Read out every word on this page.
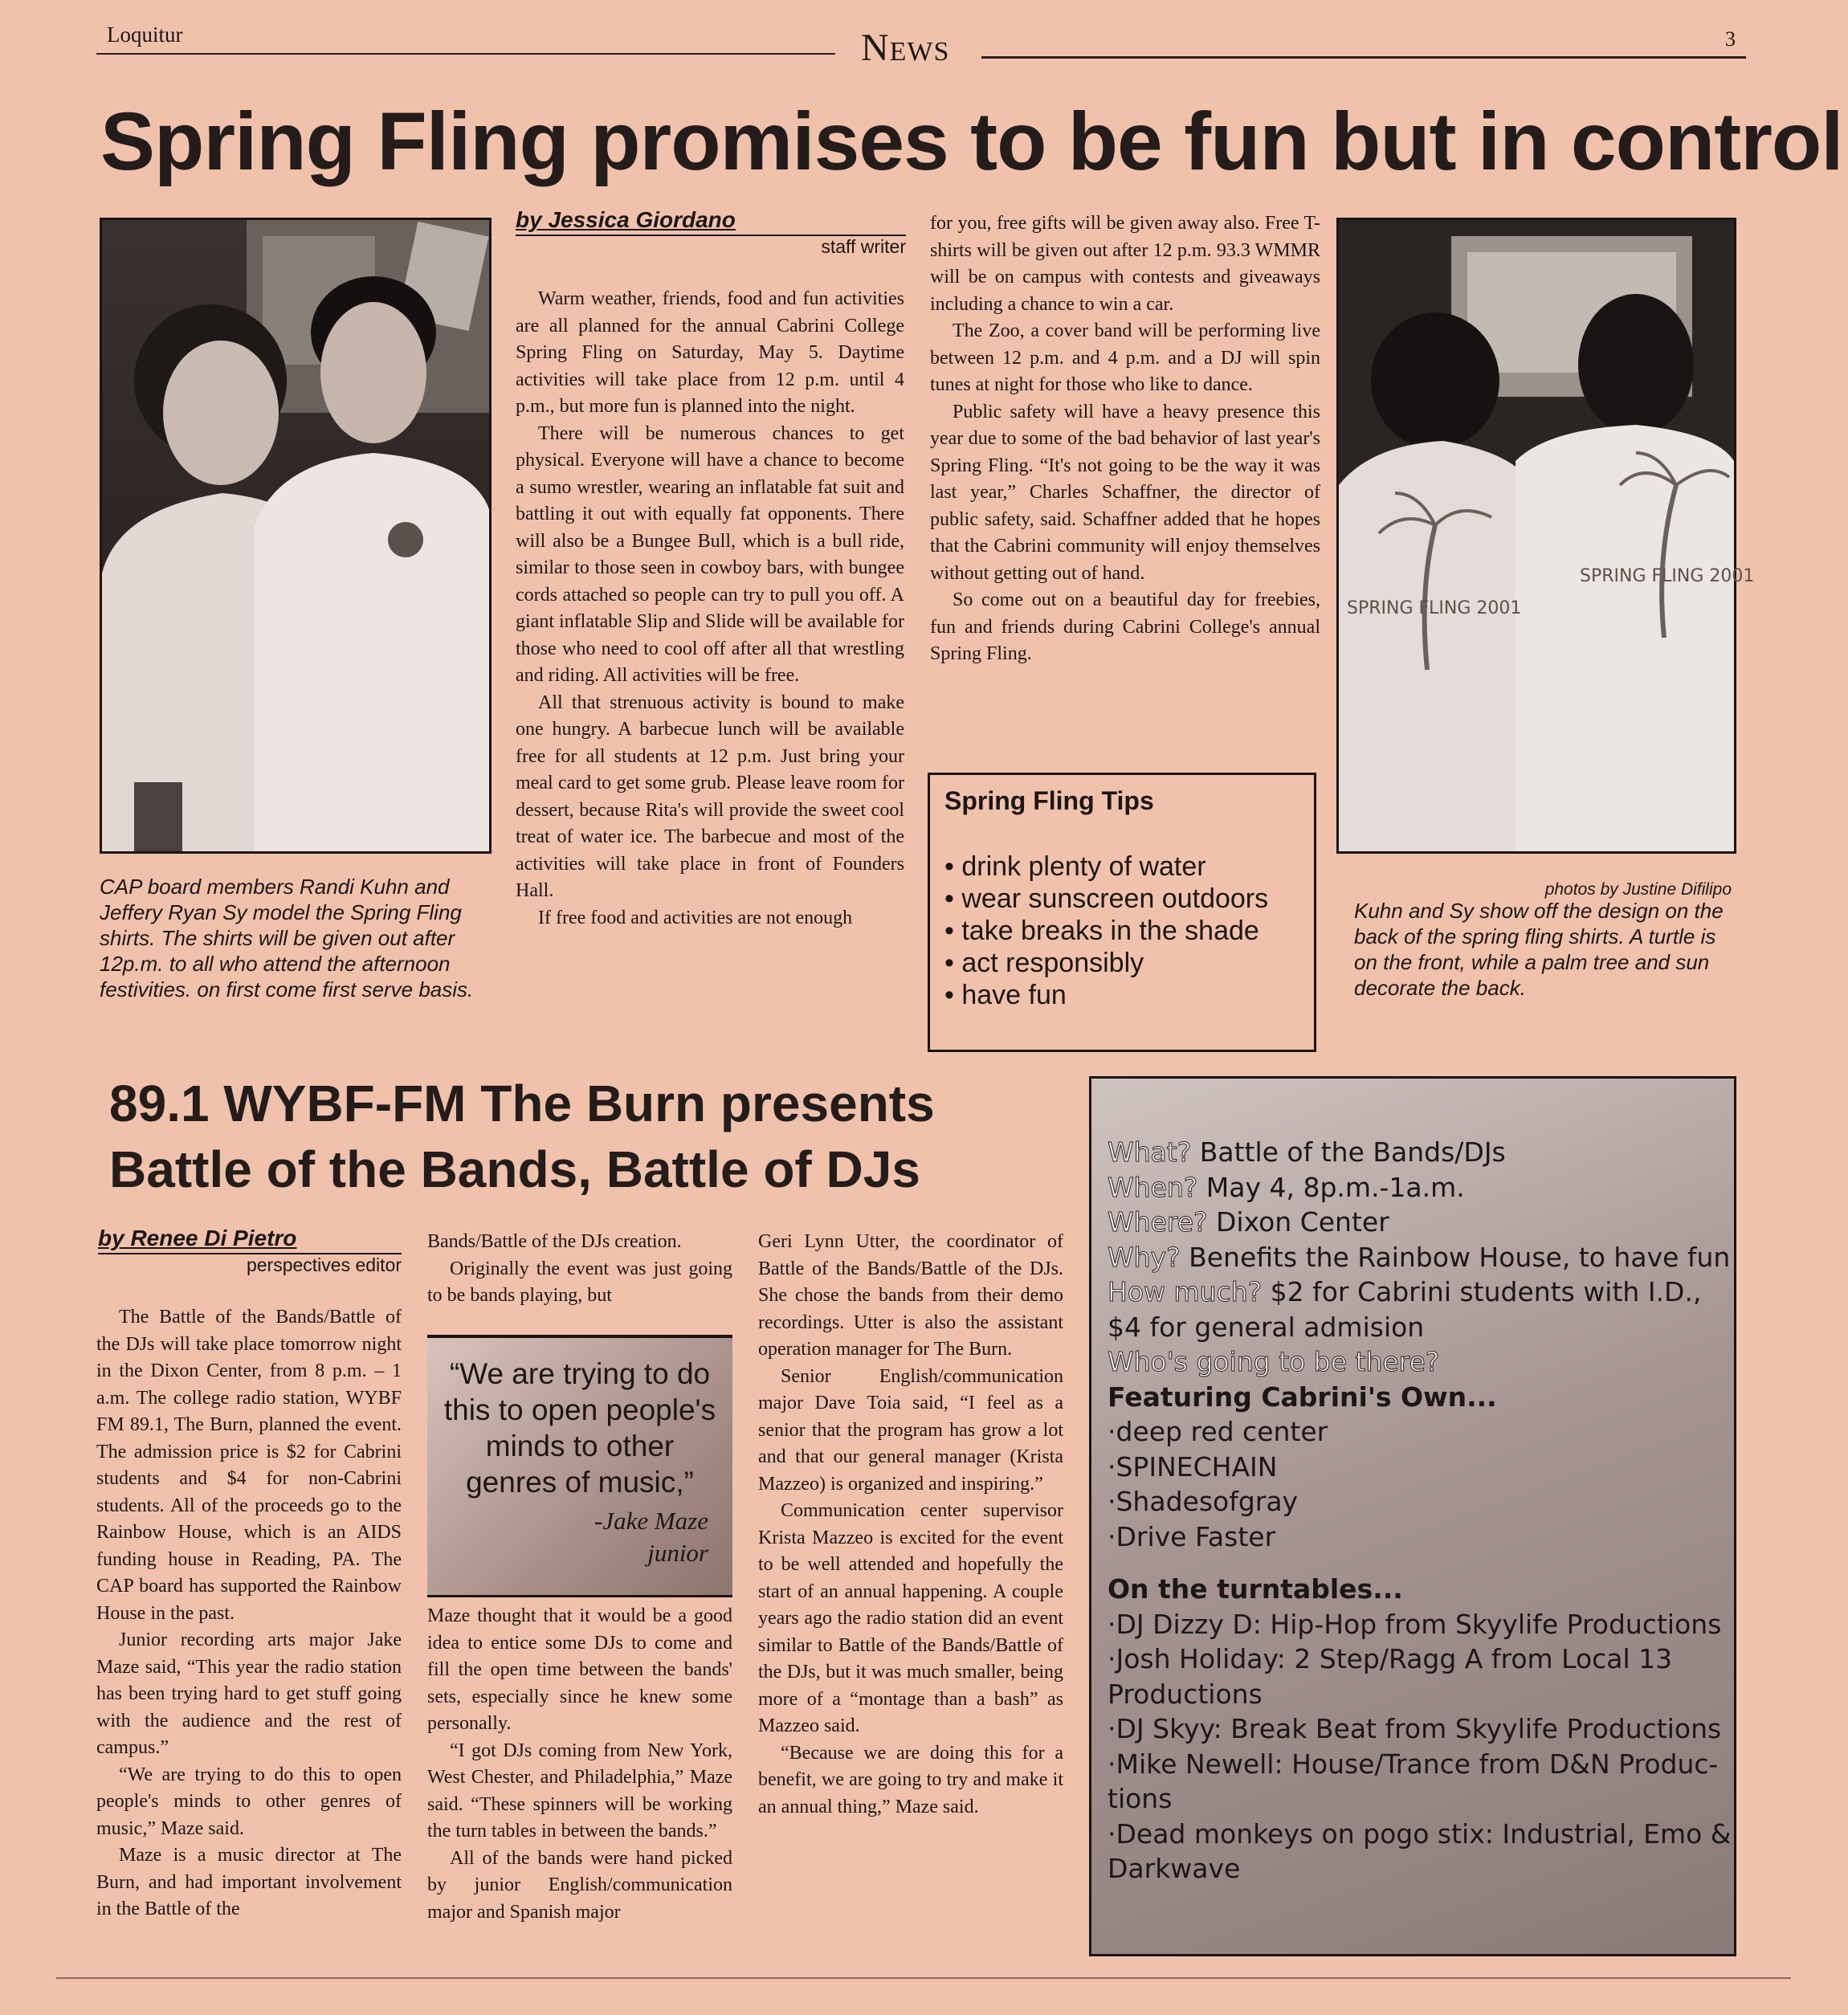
Loquitur	News	3
Spring Fling promises to be fun but in control
CAP board members Randi Kuhn and Jeffery Ryan Sy model the Spring Fling shirts. The shirts will be given out after 12p.m. to all who attend the afternoon festivities. on first come first serve basis.
by Jessica Giordano
staff writer

Warm weather, friends, food and fun activities are all planned for the annual Cabrini College Spring Fling on Saturday, May 5. Daytime activities will take place from 12 p.m. until 4 p.m., but more fun is planned into the night.

There will be numerous chances to get physical. Everyone will have a chance to become a sumo wrestler, wearing an inflatable fat suit and battling it out with equally fat opponents. There will also be a Bungee Bull, which is a bull ride, similar to those seen in cowboy bars, with bungee cords attached so people can try to pull you off. A giant inflatable Slip and Slide will be available for those who need to cool off after all that wrestling and riding. All activities will be free.

All that strenuous activity is bound to make one hungry. A barbecue lunch will be available free for all students at 12 p.m. Just bring your meal card to get some grub. Please leave room for dessert, because Rita's will provide the sweet cool treat of water ice. The barbecue and most of the activities will take place in front of Founders Hall.

If free food and activities are not enough

for you, free gifts will be given away also. Free T-shirts will be given out after 12 p.m. 93.3 WMMR will be on campus with contests and giveaways including a chance to win a car.

The Zoo, a cover band will be performing live between 12 p.m. and 4 p.m. and a DJ will spin tunes at night for those who like to dance.

Public safety will have a heavy presence this year due to some of the bad behavior of last year's Spring Fling. “It's not going to be the way it was last year,” Charles Schaffner, the director of public safety, said. Schaffner added that he hopes that the Cabrini community will enjoy themselves without getting out of hand.

So come out on a beautiful day for freebies, fun and friends during Cabrini College's annual Spring Fling.

Spring Fling Tips
• drink plenty of water
• wear sunscreen outdoors
• take breaks in the shade
• act responsibly
• have fun
SPRING FLING 2001
SPRING FLING 2001
photos by Justine Difilipo
Kuhn and Sy show off the design on the back of the spring fling shirts. A turtle is on the front, while a palm tree and sun decorate the back.
89.1 WYBF-FM The Burn presents
Battle of the Bands, Battle of DJs
by Renee Di Pietro
perspectives editor

The Battle of the Bands/Battle of the DJs will take place tomorrow night in the Dixon Center, from 8 p.m. – 1 a.m. The college radio station, WYBF FM 89.1, The Burn, planned the event. The admission price is $2 for Cabrini students and $4 for non-Cabrini students. All of the proceeds go to the Rainbow House, which is an AIDS funding house in Reading, PA. The CAP board has supported the Rainbow House in the past.

Junior recording arts major Jake Maze said, “This year the radio station has been trying hard to get stuff going with the audience and the rest of campus.”

“We are trying to do this to open people's minds to other genres of music,” Maze said.

Maze is a music director at The Burn, and had important involvement in the Battle of the

Bands/Battle of the DJs creation.

Originally the event was just going to be bands playing, but

“We are trying to do this to open people's minds to other genres of music,”
-Jake Maze
junior

Maze thought that it would be a good idea to entice some DJs to come and fill the open time between the bands' sets, especially since he knew some personally.

“I got DJs coming from New York, West Chester, and Philadelphia,” Maze said. “These spinners will be working the turn tables in between the bands.”

All of the bands were hand picked by junior English/communication major and Spanish major

Geri Lynn Utter, the coordinator of Battle of the Bands/Battle of the DJs. She chose the bands from their demo recordings. Utter is also the assistant operation manager for The Burn.

Senior English/communication major Dave Toia said, “I feel as a senior that the program has grow a lot and that our general manager (Krista Mazzeo) is organized and inspiring.”

Communication center supervisor Krista Mazzeo is excited for the event to be well attended and hopefully the start of an annual happening. A couple years ago the radio station did an event similar to Battle of the Bands/Battle of the DJs, but it was much smaller, being more of a “montage than a bash” as Mazzeo said.

“Because we are doing this for a benefit, we are going to try and make it an annual thing,” Maze said.

What? Battle of the Bands/DJs
When? May 4, 8p.m.-1a.m.
Where? Dixon Center
Why? Benefits the Rainbow House, to have fun
How much? $2 for Cabrini students with I.D.,
$4 for general admision
Who's going to be there?
Featuring Cabrini's Own...
·deep red center
·SPINECHAIN
·Shadesofgray
·Drive Faster
On the turntables...
·DJ Dizzy D: Hip-Hop from Skyylife Productions
·Josh Holiday: 2 Step/Ragg A from Local 13
Productions
·DJ Skyy: Break Beat from Skyylife Productions
·Mike Newell: House/Trance from D&N Produc-
tions
·Dead monkeys on pogo stix: Industrial, Emo &
Darkwave
